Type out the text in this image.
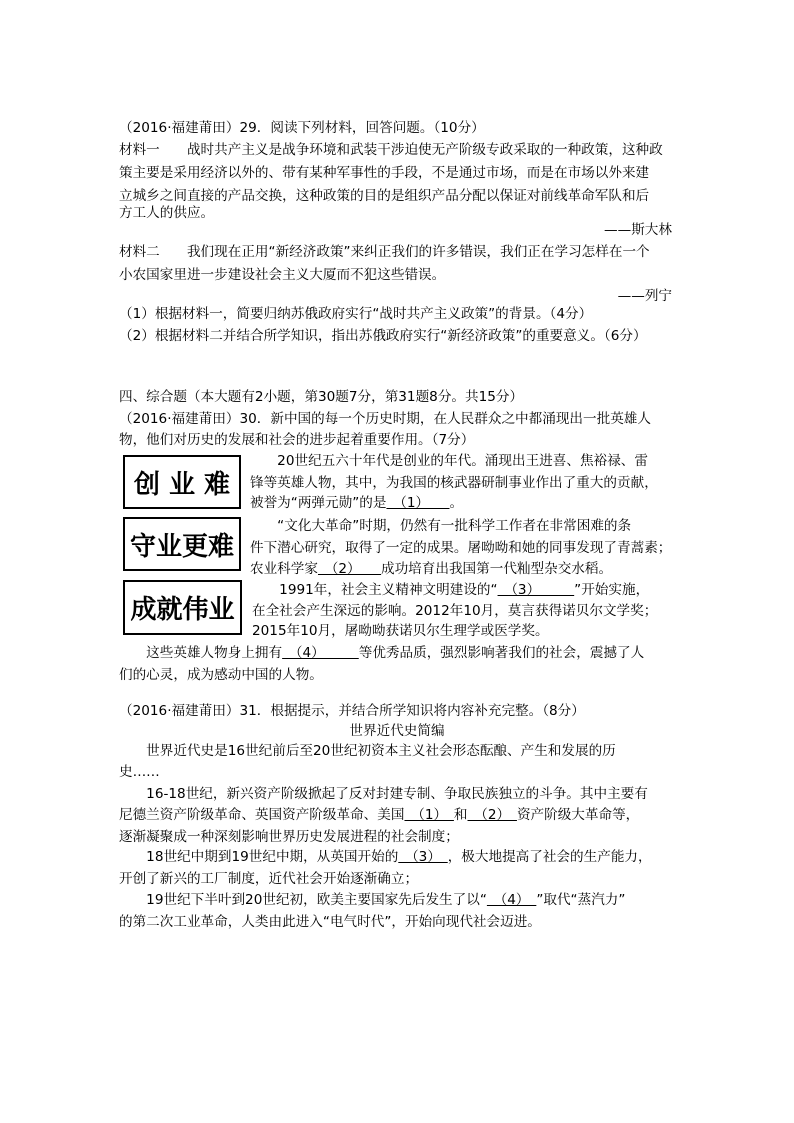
（2016·福建莆田）29．阅读下列材料，回答问题。（10分）
材料一　　战时共产主义是战争环境和武装干涉迫使无产阶级专政采取的一种政策，这种政
策主要是采用经济以外的、带有某种军事性的手段，不是通过市场，而是在市场以外来建
立城乡之间直接的产品交换，这种政策的目的是组织产品分配以保证对前线革命军队和后
方工人的供应。
——斯大林
材料二　　我们现在正用“新经济政策”来纠正我们的许多错误，我们正在学习怎样在一个
小农国家里进一步建设社会主义大厦而不犯这些错误。
——列宁
（1）根据材料一，简要归纳苏俄政府实行“战时共产主义政策”的背景。（4分）
（2）根据材料二并结合所学知识，指出苏俄政府实行“新经济政策”的重要意义。（6分）
四、综合题（本大题有2小题，第30题7分，第31题8分。共15分）
（2016·福建莆田）30．新中国的每一个历史时期，在人民群众之中都涌现出一批英雄人
物，他们对历史的发展和社会的进步起着重要作用。（7分）
创 业 难
守业更难
成就伟业
　　20世纪五六十年代是创业的年代。涌现出王进喜、焦裕禄、雷
锋等英雄人物，其中，为我国的核武器研制事业作出了重大的贡献，
被誉为“两弹元勋”的是　（1）　　。
　　“文化大革命”时期，仍然有一批科学工作者在非常困难的条
件下潜心研究，取得了一定的成果。屠呦呦和她的同事发现了青蒿素；
农业科学家　（2）　　成功培育出我国第一代籼型杂交水稻。
　　1991年，社会主义精神文明建设的“　（3）　　　”开始实施，
在全社会产生深远的影响。2012年10月，莫言获得诺贝尔文学奖；
2015年10月，屠呦呦获诺贝尔生理学或医学奖。
　　这些英雄人物身上拥有　（4）　　　等优秀品质，强烈影响著我们的社会，震撼了人
们的心灵，成为感动中国的人物。
（2016·福建莆田）31．根据提示，并结合所学知识将内容补充完整。（8分）
世界近代史简编
　　世界近代史是16世纪前后至20世纪初资本主义社会形态酝酿、产生和发展的历
史……
　　16-18世纪，新兴资产阶级掀起了反对封建专制、争取民族独立的斗争。其中主要有
尼德兰资产阶级革命、英国资产阶级革命、美国　（1）　和　（2）　资产阶级大革命等，
逐渐凝聚成一种深刻影响世界历史发展进程的社会制度；
　　18世纪中期到19世纪中期，从英国开始的　（3）　，极大地提高了社会的生产能力，
开创了新兴的工厂制度，近代社会开始逐渐确立；
　　19世纪下半叶到20世纪初，欧美主要国家先后发生了以“　（4）　”取代“蒸汽力”
的第二次工业革命，人类由此进入“电气时代”，开始向现代社会迈进。
